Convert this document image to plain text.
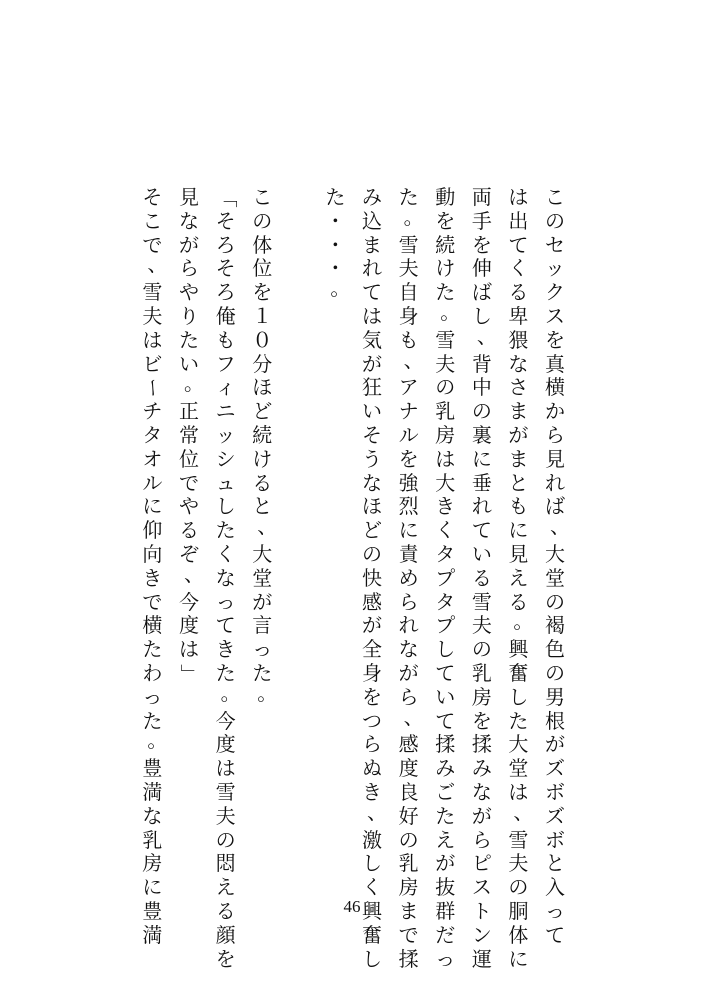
こ
の
セ
ッ
ク
ス
を
真
横
か
ら
見
れ
ば
、
大
堂
の
褐
色
の
男
根
が
ズ
ボ
ズ
ボ
と
入
っ
て
は
出
て
く
る
卑
猥
な
さ
ま
が
ま
と
も
に
見
え
る
。
興
奮
し
た
大
堂
は
、
雪
夫
の
胴
体
に
両
手
を
伸
ば
し
、
背
中
の
裏
に
垂
れ
て
い
る
雪
夫
の
乳
房
を
揉
み
な
が
ら
ピ
ス
ト
ン
運
動
を
続
け
た
。
雪
夫
の
乳
房
は
大
き
く
タ
プ
タ
プ
し
て
い
て
揉
み
ご
た
え
が
抜
群
だ
っ
た
。
雪
夫
自
身
も
、
ア
ナ
ル
を
強
烈
に
責
め
ら
れ
な
が
ら
、
感
度
良
好
の
乳
房
ま
で
揉
み
込
ま
れ
て
は
気
が
狂
い
そ
う
な
ほ
ど
の
快
感
が
全
身
を
つ
ら
ぬ
き
、
激
し
く
興
奮
し
た
・
・
・
。
こ
の
体
位
を
１
０
分
ほ
ど
続
け
る
と
、
大
堂
が
言
っ
た
。
「
そ
ろ
そ
ろ
俺
も
フ
ィ
ニ
ッ
シ
ュ
し
た
く
な
っ
て
き
た
。
今
度
は
雪
夫
の
悶
え
る
顔
を
見
な
が
ら
や
り
た
い
。
正
常
位
で
や
る
ぞ
、
今
度
は
」
そ
こ
で
、
雪
夫
は
ビ
ー
チ
タ
オ
ル
に
仰
向
き
で
横
た
わ
っ
た
。
豊
満
な
乳
房
に
豊
満
46
